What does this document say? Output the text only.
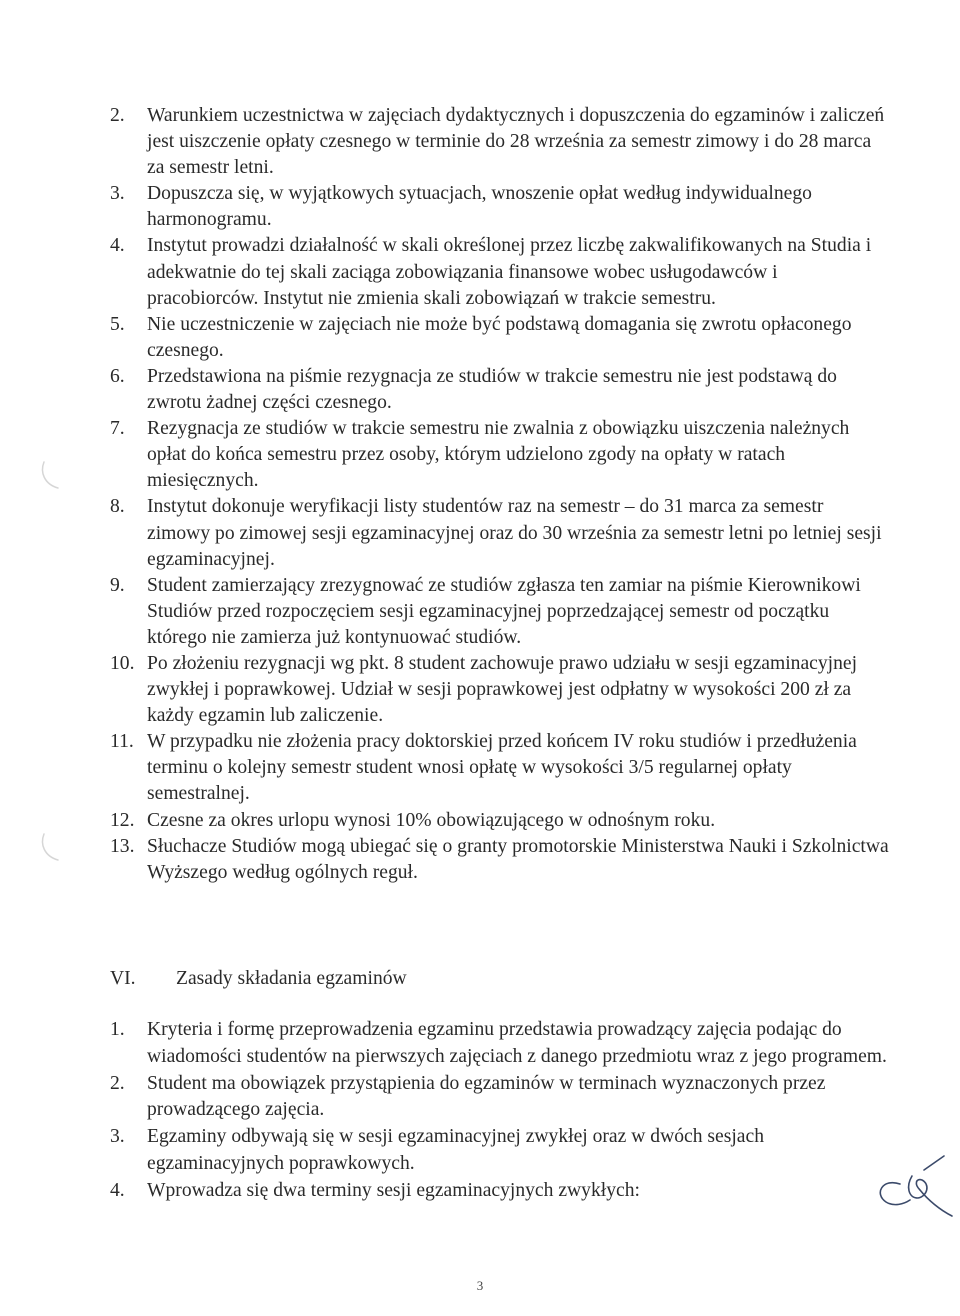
2.	Warunkiem uczestnictwa w zajęciach dydaktycznych i dopuszczenia do egzaminów i zaliczeń jest uiszczenie opłaty czesnego w terminie do 28 września za semestr zimowy i do 28 marca za semestr letni.
3.	Dopuszcza się, w wyjątkowych sytuacjach, wnoszenie opłat według indywidualnego harmonogramu.
4.	Instytut prowadzi działalność w skali określonej przez liczbę zakwalifikowanych na Studia i adekwatnie do tej skali zaciąga zobowiązania finansowe wobec usługodawców i pracobiorców. Instytut nie zmienia skali zobowiązań w trakcie semestru.
5.	Nie uczestniczenie w zajęciach nie może być podstawą domagania się zwrotu opłaconego czesnego.
6.	Przedstawiona na piśmie rezygnacja ze studiów w trakcie semestru nie jest podstawą do zwrotu żadnej części czesnego.
7.	Rezygnacja ze studiów w trakcie semestru nie zwalnia z obowiązku uiszczenia należnych opłat do końca semestru przez osoby, którym udzielono zgody na opłaty w ratach miesięcznych.
8.	Instytut dokonuje weryfikacji listy studentów raz na semestr – do 31 marca za semestr zimowy po zimowej sesji egzaminacyjnej oraz do 30 września za semestr letni po letniej sesji egzaminacyjnej.
9.	Student zamierzający zrezygnować ze studiów zgłasza ten zamiar na piśmie Kierownikowi Studiów przed rozpoczęciem sesji egzaminacyjnej poprzedzającej semestr od początku którego nie zamierza już kontynuować studiów.
10. Po złożeniu rezygnacji wg pkt. 8 student zachowuje prawo udziału w sesji egzaminacyjnej zwykłej i poprawkowej. Udział w sesji poprawkowej jest odpłatny w wysokości 200 zł za każdy egzamin lub zaliczenie.
11. W przypadku nie złożenia pracy doktorskiej przed końcem IV roku studiów i przedłużenia terminu o kolejny semestr student wnosi opłatę w wysokości 3/5 regularnej opłaty semestralnej.
12. Czesne za okres urlopu wynosi 10% obowiązującego w odnośnym roku.
13. Słuchacze Studiów mogą ubiegać się o granty promotorskie Ministerstwa Nauki i Szkolnictwa Wyższego według ogólnych reguł.
VI. Zasady składania egzaminów
1.	Kryteria i formę przeprowadzenia egzaminu przedstawia prowadzący zajęcia podając do wiadomości studentów na pierwszych zajęciach z danego przedmiotu wraz z jego programem.
2.	Student ma obowiązek przystąpienia do egzaminów w terminach wyznaczonych przez prowadzącego zajęcia.
3.	Egzaminy odbywają się w sesji egzaminacyjnej zwykłej oraz w dwóch sesjach egzaminacyjnych poprawkowych.
4.	Wprowadza się dwa terminy sesji egzaminacyjnych zwykłych:
3
